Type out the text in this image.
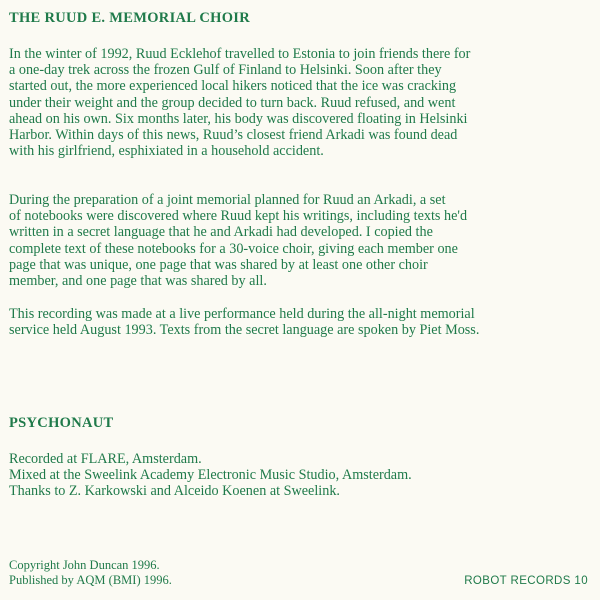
THE RUUD E. MEMORIAL CHOIR

In the winter of 1992, Ruud Ecklehof travelled to Estonia to join friends there for
a one-day trek across the frozen Gulf of Finland to Helsinki. Soon after they
started out, the more experienced local hikers noticed that the ice was cracking
under their weight and the group decided to turn back. Ruud refused, and went
ahead on his own. Six months later, his body was discovered floating in Helsinki
Harbor. Within days of this news, Ruud’s closest friend Arkadi was found dead
with his girlfriend, esphixiated in a household accident.

During the preparation of a joint memorial planned for Ruud an Arkadi, a set
of notebooks were discovered where Ruud kept his writings, including texts he'd
written in a secret language that he and Arkadi had developed. I copied the
complete text of these notebooks for a 30-voice choir, giving each member one
page that was unique, one page that was shared by at least one other choir
member, and one page that was shared by all.

This recording was made at a live performance held during the all-night memorial
service held August 1993. Texts from the secret language are spoken by Piet Moss.

PSYCHONAUT

Recorded at FLARE, Amsterdam.
Mixed at the Sweelink Academy Electronic Music Studio, Amsterdam.
Thanks to Z. Karkowski and Alceido Koenen at Sweelink.

Copyright John Duncan 1996.
Published by AQM (BMI) 1996.	ROBOT RECORDS 10
